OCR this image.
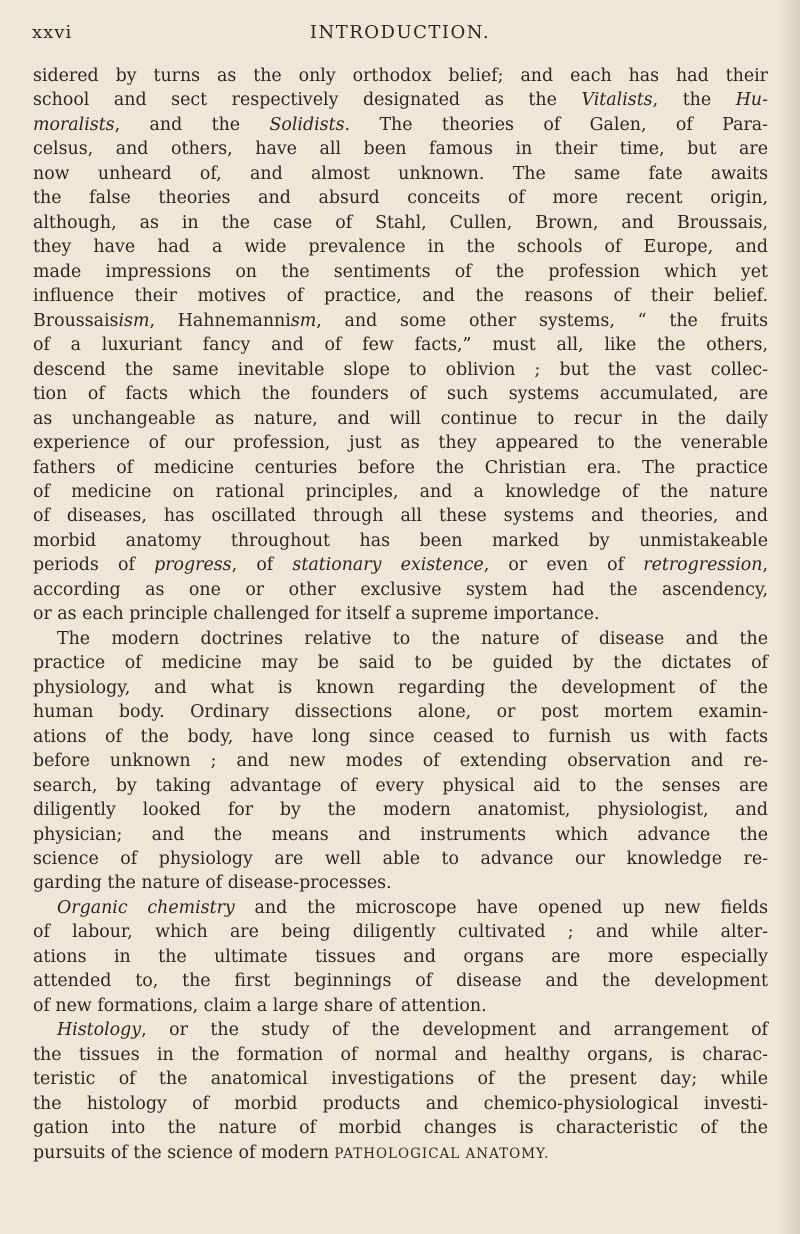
xxvi	INTRODUCTION.
sidered by turns as the only orthodox belief; and each has had their
school and sect respectively designated as the Vitalists, the Hu-
moralists, and the Solidists. The theories of Galen, of Para-
celsus, and others, have all been famous in their time, but are
now unheard of, and almost unknown. The same fate awaits
the false theories and absurd conceits of more recent origin,
although, as in the case of Stahl, Cullen, Brown, and Broussais,
they have had a wide prevalence in the schools of Europe, and
made impressions on the sentiments of the profession which yet
influence their motives of practice, and the reasons of their belief.
Broussaisism, Hahnemannism, and some other systems, “ the fruits
of a luxuriant fancy and of few facts,” must all, like the others,
descend the same inevitable slope to oblivion ; but the vast collec-
tion of facts which the founders of such systems accumulated, are
as unchangeable as nature, and will continue to recur in the daily
experience of our profession, just as they appeared to the venerable
fathers of medicine centuries before the Christian era. The practice
of medicine on rational principles, and a knowledge of the nature
of diseases, has oscillated through all these systems and theories, and
morbid anatomy throughout has been marked by unmistakeable
periods of progress, of stationary existence, or even of retrogression,
according as one or other exclusive system had the ascendency,
or as each principle challenged for itself a supreme importance.
The modern doctrines relative to the nature of disease and the
practice of medicine may be said to be guided by the dictates of
physiology, and what is known regarding the development of the
human body. Ordinary dissections alone, or post mortem examin-
ations of the body, have long since ceased to furnish us with facts
before unknown ; and new modes of extending observation and re-
search, by taking advantage of every physical aid to the senses are
diligently looked for by the modern anatomist, physiologist, and
physician; and the means and instruments which advance the
science of physiology are well able to advance our knowledge re-
garding the nature of disease-processes.
Organic chemistry and the microscope have opened up new fields
of labour, which are being diligently cultivated ; and while alter-
ations in the ultimate tissues and organs are more especially
attended to, the first beginnings of disease and the development
of new formations, claim a large share of attention.
Histology, or the study of the development and arrangement of
the tissues in the formation of normal and healthy organs, is charac-
teristic of the anatomical investigations of the present day; while
the histology of morbid products and chemico-physiological investi-
gation into the nature of morbid changes is characteristic of the
pursuits of the science of modern PATHOLOGICAL ANATOMY.
